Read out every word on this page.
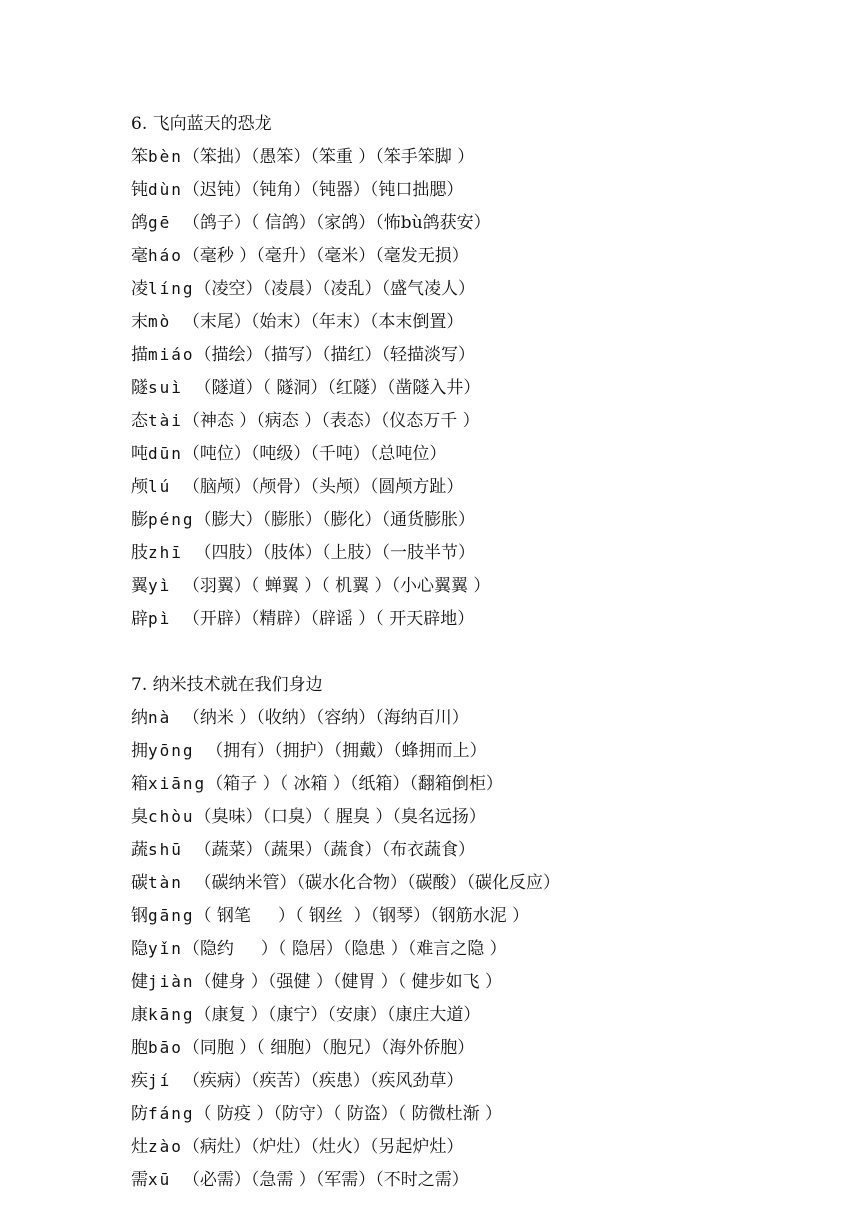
6. 飞向蓝天的恐龙
笨bèn（笨拙）（愚笨）（笨重 ）（笨手笨脚 ）
钝dùn（迟钝）（钝角）（钝器）（钝口拙腮）
鸽gē （鸽子）（ 信鸽）（家鸽）（怖bù鸽获安）
毫háo（毫秒 ）（毫升）（毫米）（毫发无损）
凌líng（凌空）（凌晨）（凌乱）（盛气凌人）
末mò （末尾）（始末）（年末）（本末倒置）
描miáo（描绘）（描写）（描红）（轻描淡写）
隧suì （隧道）（ 隧洞）（红隧）（凿隧入井）
态tài（神态 ）（病态 ）（表态）（仪态万千 ）
吨dūn（吨位）（吨级）（千吨）（总吨位）
颅lú （脑颅）（颅骨）（头颅）（圆颅方趾）
膨péng（膨大）（膨胀）（膨化）（通货膨胀）
肢zhī （四肢）（肢体）（上肢）（一肢半节）
翼yì （羽翼）（ 蝉翼 ）（ 机翼 ）（小心翼翼 ）
辟pì （开辟）（精辟）（辟谣 ）（ 开天辟地）
7. 纳米技术就在我们身边
纳nà （纳米 ）（收纳）（容纳）（海纳百川）
拥yōng （拥有）（拥护）（拥戴）（蜂拥而上）
箱xiāng（箱子 ）（ 冰箱 ）（纸箱）（翻箱倒柜）
臭chòu（臭味）（口臭）（ 腥臭 ）（臭名远扬）
蔬shū （蔬菜）（蔬果）（蔬食）（布衣蔬食）
碳tàn （碳纳米管）（碳水化合物）（碳酸）（碳化反应）
钢gāng（ 钢笔     ）（ 钢丝  ）（钢琴）（钢筋水泥 ）
隐yǐn（隐约     ）（ 隐居）（隐患 ）（难言之隐 ）
健jiàn（健身 ）（强健 ）（健胃 ）（ 健步如飞 ）
康kāng（康复 ）（康宁）（安康）（康庄大道）
胞bāo（同胞 ）（ 细胞）（胞兄）（海外侨胞）
疾jí （疾病）（疾苦）（疾患）（疾风劲草）
防fáng（ 防疫 ）（防守）（ 防盗）（ 防微杜渐 ）
灶zào（病灶）（炉灶）（灶火）（另起炉灶）
需xū （必需）（急需 ）（军需）（不时之需）
